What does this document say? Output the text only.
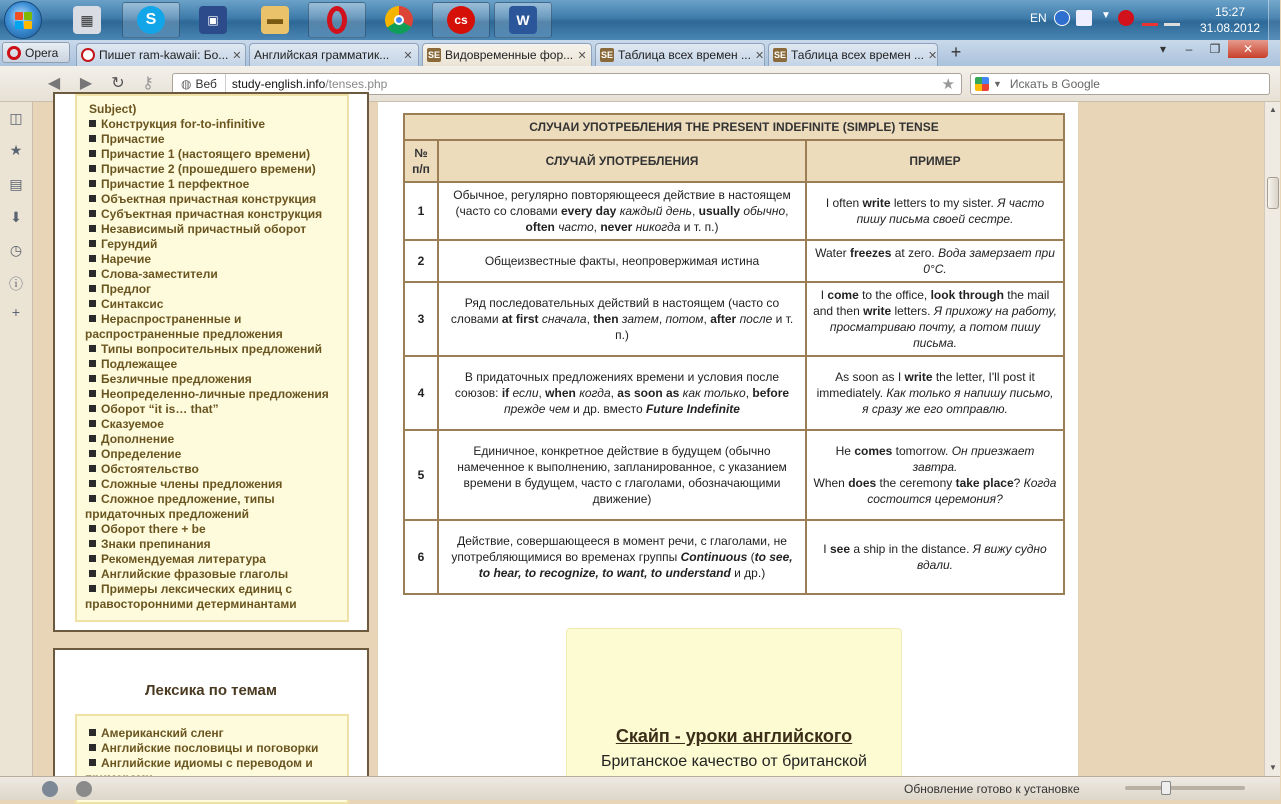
▦	S	▣	▬	cs	W	EN	▼	15:27
31.08.2012
Opera	Пишет ram-kawaii: Бо... ✕ Английская грамматик...	✕ SE Видовременные фор... ✕ SE Таблица всех времен ... ✕ SE Таблица всех времен ... ✕ +	▾	–	❐	✕
◀ ▶ ↻ ⚷	◍ Веб	study-english.info /tenses.php	★	▼ Искать в Google
◫
★
▤
⬇
◷
ⓘ
+
Subject)
Конструкция for-to-infinitive
Причастие
Причастие 1 (настоящего времени)
Причастие 2 (прошедшего времени)
Причастие 1 перфектное
Объектная причастная конструкция
Субъектная причастная конструкция
Независимый причастный оборот
Герундий
Наречие
Слова-заместители
Предлог
Синтаксис
Нераспространенные и
распространенные предложения
Типы вопросительных предложений
Подлежащее
Безличные предложения
Неопределенно-личные предложения
Оборот “it is… that”
Сказуемое
Дополнение
Определение
Обстоятельство
Сложные члены предложения
Сложное предложение, типы
придаточных предложений
Оборот there + be
Знаки препинания
Рекомендуемая литература
Английские фразовые глаголы
Примеры лексических единиц с
правосторонними детерминантами
Лексика по темам
Американский сленг
Английские пословицы и поговорки
Английские идиомы с переводом и
СЛУЧАИ УПОТРЕБЛЕНИЯ THE PRESENT INDEFINITE (SIMPLE) TENSE		
№ п/п	СЛУЧАЙ УПОТРЕБЛЕНИЯ	ПРИМЕР
1	Обычное, регулярно повторяющееся действие в настоящем (часто со словами every day каждый день, usually обычно, often часто, never никогда и т. п.)	I often write letters to my sister. Я часто пишу письма своей сестре.
2	Общеизвестные факты, неопровержимая истина	Water freezes at zero. Вода замерзает при 0°С.
3	Ряд последовательных действий в настоящем (часто со словами at first сначала, then затем, потом, after после и т. п.)	I come to the office, look through the mail and then write letters. Я прихожу на работу, просматриваю почту, а потом пишу письма.
4	В придаточных предложениях времени и условия после союзов: if если, when когда, as soon as как только, before прежде чем и др. вместо Future Indefinite	As soon as I write the letter, I'll post it immediately. Как только я напишу письмо, я сразу же его отправлю.
5	Единичное, конкретное действие в будущем (обычно намеченное к выполнению, запланированное, с указанием времени в будущем, часто с глаголами, обозначающими движение)	He comes tomorrow. Он приезжает завтра.
When does the ceremony take place? Когда состоится церемония?
6	Действие, совершающееся в момент речи, с глаголами, не употребляющимися во временах группы Continuous (to see, to hear, to recognize, to want, to understand и др.)	I see a ship in the distance. Я вижу судно вдали.
Скайп - уроки английского
Британское качество от британской
▲
▼
Обновление готово к установке
